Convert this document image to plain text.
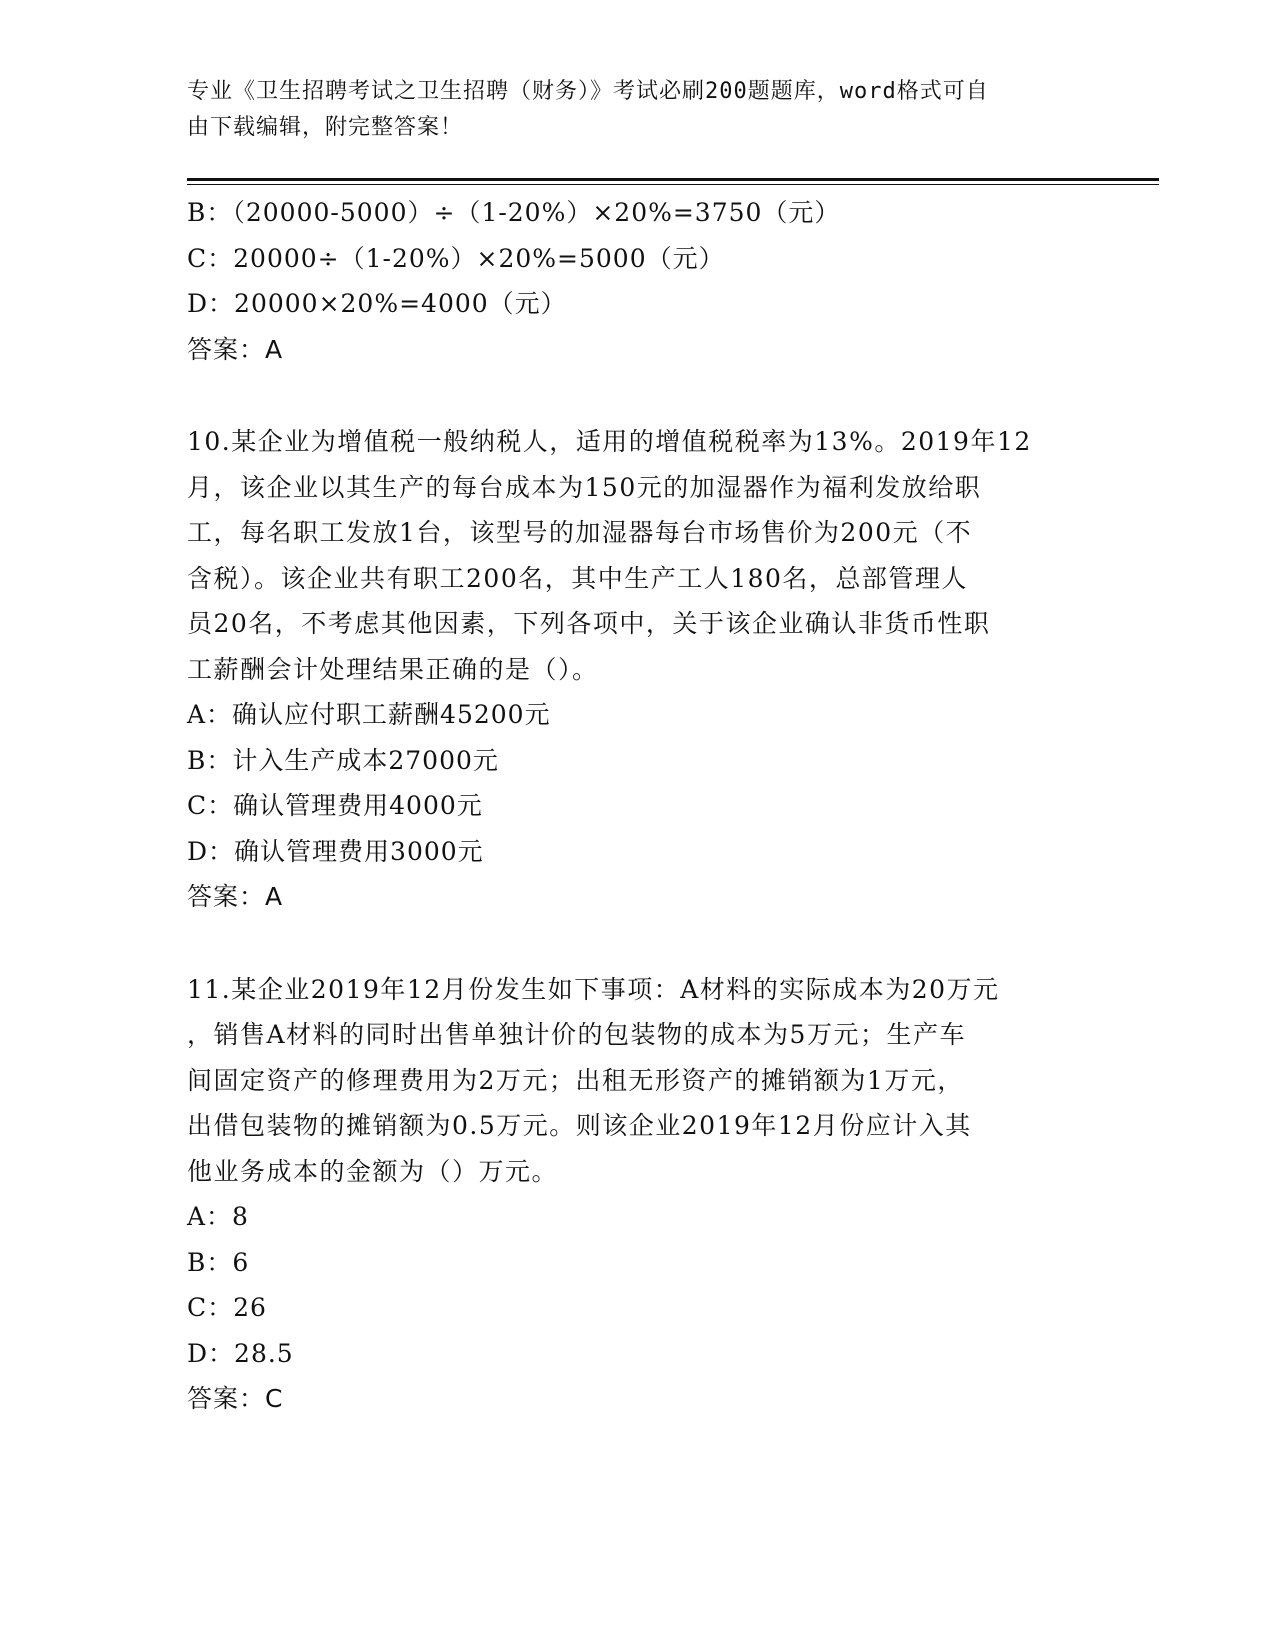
专业《卫生招聘考试之卫生招聘（财务）》考试必刷200题题库，word格式可自
由下载编辑，附完整答案！
B：（20000-5000）÷（1-20%）×20%=3750（元）
C：20000÷（1-20%）×20%=5000（元）
D：20000×20%=4000（元）
答案：A
10.某企业为增值税一般纳税人，适用的增值税税率为13%。2019年12
月，该企业以其生产的每台成本为150元的加湿器作为福利发放给职
工，每名职工发放1台，该型号的加湿器每台市场售价为200元（不
含税）。该企业共有职工200名，其中生产工人180名，总部管理人
员20名，不考虑其他因素，下列各项中，关于该企业确认非货币性职
工薪酬会计处理结果正确的是（）。
A：确认应付职工薪酬45200元
B：计入生产成本27000元
C：确认管理费用4000元
D：确认管理费用3000元
答案：A
11.某企业2019年12月份发生如下事项：A材料的实际成本为20万元
，销售A材料的同时出售单独计价的包装物的成本为5万元；生产车
间固定资产的修理费用为2万元；出租无形资产的摊销额为1万元，
出借包装物的摊销额为0.5万元。则该企业2019年12月份应计入其
他业务成本的金额为（）万元。
A：8
B：6
C：26
D：28.5
答案：C
